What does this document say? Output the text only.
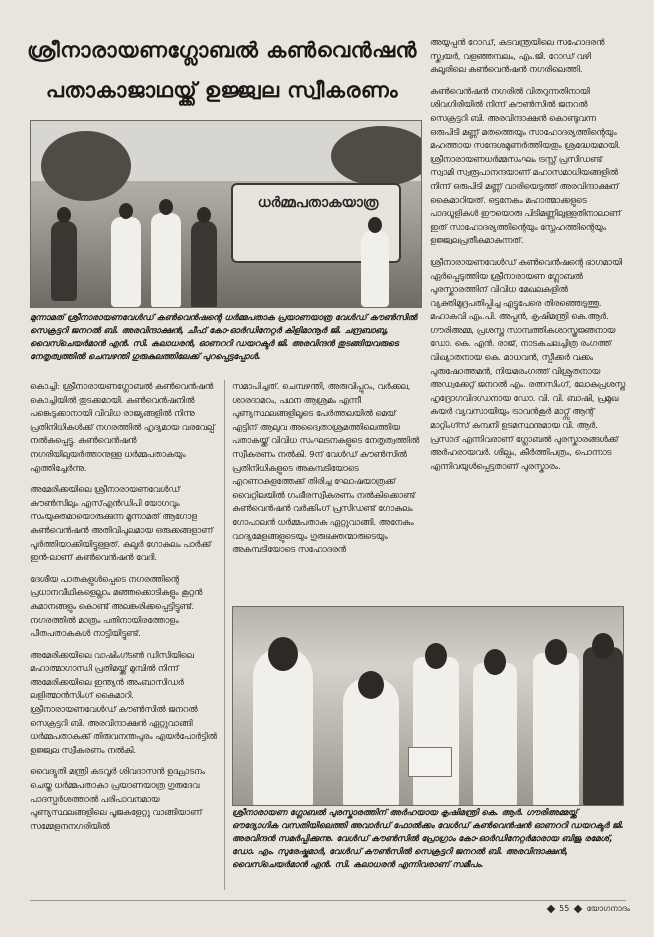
ശ്രീനാരായണഗ്ലോബൽ കൺവെൻഷൻ
പതാകാജാഥയ്ക്ക് ഉജ്ജ്വല സ്വീകരണം
ധർമ്മപതാകയാത്ര
മുന്നാമത് ശ്രീനാരായണവേൾഡ് കൺവെൻഷന്റെ ധർമ്മപതാക പ്രയാണയാത്ര വേൾഡ് കൗൺസിൽ സെക്രട്ടറി ജനറൽ ബി. അരവിന്ദാക്ഷൻ, ചീഫ് കോ-ഓർഡിനേറ്റർ കിളിമാനൂർ ജി. ചന്ദ്രബാബു, വൈസ്ചെയർമാൻ എൻ. സി. കലാധരൻ, ഓണററി ഡയറക്ടർ ജി. അരവിന്ദൻ തുടങ്ങിയവരുടെ നേതൃത്വത്തിൽ ചെമ്പഴന്തി ഗുരുകുലത്തിലേക്ക് പുറപ്പെട്ടപ്പോൾ.

കൊച്ചി: ശ്രീനാരായണഗ്ലോബൽ കൺവെൻഷൻ കൊച്ചിയിൽ തുടക്കമായി. കൺവെൻഷനിൽ പങ്കെടുക്കാനായി വിവിധ രാജ്യങ്ങളിൽ നിന്നു പ്രതിനിധികൾക്ക് നഗരത്തിൽ ഹൃദ്യമായ വരവേല്പ് നൽകപ്പെട്ടു. കൺവെൻഷൻ നഗരിയിലുയർത്താനുള്ള ധർമ്മപതാകയും എത്തിച്ചേർന്നു.

അമേരിക്കയിലെ ശ്രീനാരായണവേൾഡ് കൗൺസിലും എസ്എൻഡിപി യോഗവും സംയുക്തമായൊരുക്കുന്ന മൂന്നാമത് ആഗോള കൺവെൻഷൻ അതിവിപുലമായ ഒരുക്കങ്ങളാണ് പൂർത്തിയാക്കിയിട്ടുള്ളത്. കലൂർ ഗോകുലം പാർക്ക് ഇൻ-ലാണ് കൺവെൻഷൻ വേദി.

ദേശീയ പാതകളുൾപ്പെടെ നഗരത്തിന്റെ പ്രധാനവീഥികളെല്ലാം മഞ്ഞക്കൊടികളും കൂറ്റൻ കമാനങ്ങളും കൊണ്ട് അലങ്കരിക്കപ്പെട്ടിട്ടുണ്ട്. നഗരത്തിൽ മാത്രം പതിനായിരത്തോളം പീതപതാകകൾ നാട്ടിയിട്ടുണ്ട്.

അമേരിക്കയിലെ വാഷിംഗ്ടൺ ഡിസിയിലെ മഹാത്മാഗാന്ധി പ്രതിമയ്ക്ക് മുമ്പിൽ നിന്ന് അമേരിക്കയിലെ ഇന്ത്യൻ അംബാസിഡർ ലളിത്മാൻസിംഗ് കൈമാറി. ശ്രീനാരായണവേൾഡ് കൗൺസിൽ ജനറൽ സെക്രട്ടറി ബി. അരവിന്ദാക്ഷൻ ഏറ്റുവാങ്ങി ധർമ്മപതാകക്ക് തിരുവനന്തപുരം എയർപോർട്ടിൽ ഉജ്ജ്വല സ്വീകരണം നൽകി.

വൈദ്യുതി മന്ത്രി കടവൂർ ശിവദാസൻ ഉദ്ഘാടനം ചെയ്ത ധർമ്മപതാകാ പ്രയാണയാത്ര ഗുരുദേവ പാദസ്പർശത്താൽ പരിപാവനമായ പുണ്യസ്ഥലങ്ങളിലെ പൂജകളേറ്റു വാങ്ങിയാണ് സമ്മേളനനഗരിയിൽ

സമാപിച്ചത്. ചെമ്പഴന്തി, അരുവിപ്പുറം, വർക്കല, ശാരദാമഠം, പഥന ആശ്രമം എന്നീ പുണ്യസ്ഥലങ്ങളിലൂടെ പേർത്തലയിൽ മെയ് എട്ടിന് ആലുവ അദ്വൈതാശ്രമത്തിലെത്തിയ പതാകയ്ക്ക് വിവിധ സംഘടനകളുടെ നേതൃത്വത്തിൽ സ്വീകരണം നൽകി. 9ന് വേൾഡ് കൗൺസിൽ പ്രതിനിധികളുടെ അകമ്പടിയോടെ എറണാകുളത്തേക്ക് തിരിച്ച ഘോഷയാത്രക്ക് വൈറ്റിലയിൽ ഗംഭീരസ്വീകരണം നൽകിക്കൊണ്ട് കൺവെൻഷൻ വർക്കിംഗ് പ്രസിഡണ്ട് ഗോകുലം ഗോപാലൻ ധർമ്മപതാക ഏറ്റുവാങ്ങി. അനേകം വാദ്യമേളങ്ങളുടെയും ഗുരുഭക്തന്മാരുടെയും അകമ്പടിയോടെ സഹോദരൻ

അയ്യപ്പൻ റോഡ്, കടവന്ത്രയിലെ സഹോദരൻ സ്ക്വയർ, വളഞ്ഞമ്പലം, എം.ജി. റോഡ് വഴി കലൂരിലെ കൺവെൻഷൻ നഗരിലെത്തി.

കൺവെൻഷൻ നഗരിൽ വിതറുന്നതിനായി ശിവഗിരിയിൽ നിന്ന് കൗൺസിൽ ജനറൽ സെക്രട്ടറി ബി. അരവിന്ദാക്ഷൻ കൊണ്ടുവന്ന ഒരുപിടി മണ്ണ് മതത്തെയും സാഹോദര്യത്തിന്റെയും മഹത്തായ സന്ദേശമുണർത്തിയതും ശ്രദ്ധേയമായി. ശ്രീനാരായണധർമ്മസംഘം ട്രസ്റ്റ് പ്രസിഡണ്ട് സ്വാമി സ്വരൂപാനന്ദയാണ് മഹാസമാധിയങ്ങളിൽ നിന്ന് ഒരുപിടി മണ്ണ് വാരിയെടുത്ത് അരവിന്ദാക്ഷന് കൈമാറിയത്. ഒട്ടനേകം മഹാത്മാക്കളുടെ പാദധൂളികൾ ഈയൊരു പിടിമണ്ണിലുള്ളതിനാലാണ് ഇത് സാഹോദര്യത്തിന്റെയും സ്നേഹത്തിന്റെയും ഉജ്ജ്വലപ്രതീകമാകുന്നത്.

ശ്രീനാരായണവേൾഡ് കൺവെൻഷന്റെ ഭാഗമായി ഏർപ്പെടുത്തിയ ശ്രീനാരായണ ഗ്ലോബൽ പുരസ്കാരത്തിന് വിവിധ മേഖലകളിൽ വ്യക്തിമുദ്രപതിപ്പിച്ച എട്ടുപേരെ തിരഞ്ഞെടുത്തു. മഹാകവി എം.പി. അപ്പൻ, കൃഷിമന്ത്രി കെ.ആർ. ഗൗരിഅമ്മ, പ്രശസ്ത സാമ്പത്തികശാസ്ത്രജ്ഞനായ ഡോ. കെ. എൻ. രാജ്, നാടകചലച്ചിത്ര രംഗത്ത് വിഖ്യാതനായ കെ. മാധവൻ, സ്പീക്കർ വക്കം പുരുഷോത്തമൻ, നിയമരംഗത്ത് വിശ്രുതനായ അഡ്വക്കേറ്റ് ജനറൽ എം. രത്നസിംഗ്, ലോകപ്രശസ്ത ഹൃദ്രോഗവിദഗ്ധനായ ഡോ. വി. വി. ബാഷി, പ്രമുഖ കയർ വ്യവസായിയും ട്രാവൻകൂർ മാറ്റ്സ് ആന്റ് മാറ്റിംഗ്സ് കമ്പനി ഉടമസ്ഥനുമായ വി. ആർ. പ്രസാദ് എന്നിവരാണ് ഗ്ലോബൽ പുരസ്കാരങ്ങൾക്ക് അർഹരായവർ. ശില്പം, കീർത്തിപത്രം, പൊന്നാട എന്നിവയുൾപ്പെട്ടതാണ് പുരസ്കാരം.

ശ്രീനാരായണ ഗ്ലോബൽ പുരസ്കാരത്തിന് അർഹയായ കൃഷിമന്ത്രി കെ. ആർ. ഗൗരിഅമ്മയ്ക്ക് ഔദ്യോഗിക വസതിയിലെത്തി അവാർഡ് ഫോൽക്കം വേൾഡ് കൺവെൻഷൻ ഓണററി ഡയറക്ടർ ജി. അരവിന്ദൻ സമർപ്പിക്കുന്നു. വേൾഡ് കൗൺസിൽ പ്രോഗ്രാം കോ-ഓർഡിനേറ്റർമാരായ ബിജു രമേശ്, ഡോ. എം. സുരേഷ്കുമാർ, വേൾഡ് കൗൺസിൽ സെക്രട്ടറി ജനറൽ ബി. അരവിന്ദാക്ഷൻ, വൈസ്ചെയർമാൻ എൻ. സി. കലാധരൻ എന്നിവരാണ് സമീപം.
55 യോഗനാദം
